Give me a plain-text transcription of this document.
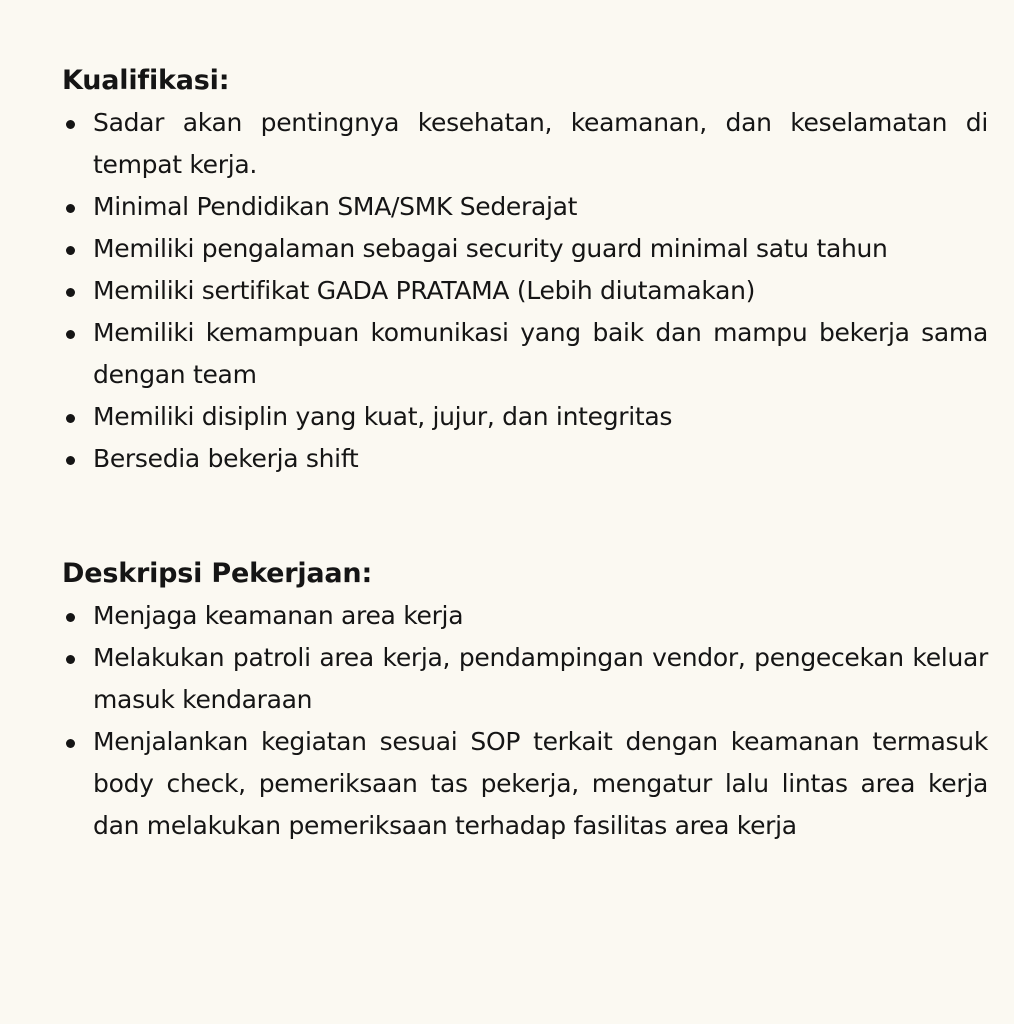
Kualifikasi:
Sadar akan pentingnya kesehatan, keamanan, dan keselamatan di tempat kerja.
Minimal Pendidikan SMA/SMK Sederajat
Memiliki pengalaman sebagai security guard minimal satu tahun
Memiliki sertifikat GADA PRATAMA (Lebih diutamakan)
Memiliki kemampuan komunikasi yang baik dan mampu bekerja sama dengan team
Memiliki disiplin yang kuat, jujur, dan integritas
Bersedia bekerja shift
Deskripsi Pekerjaan:
Menjaga keamanan area kerja
Melakukan patroli area kerja, pendampingan vendor, pengecekan keluar masuk kendaraan
Menjalankan kegiatan sesuai SOP terkait dengan keamanan termasuk body check, pemeriksaan tas pekerja, mengatur lalu lintas area kerja dan melakukan pemeriksaan terhadap fasilitas area kerja
